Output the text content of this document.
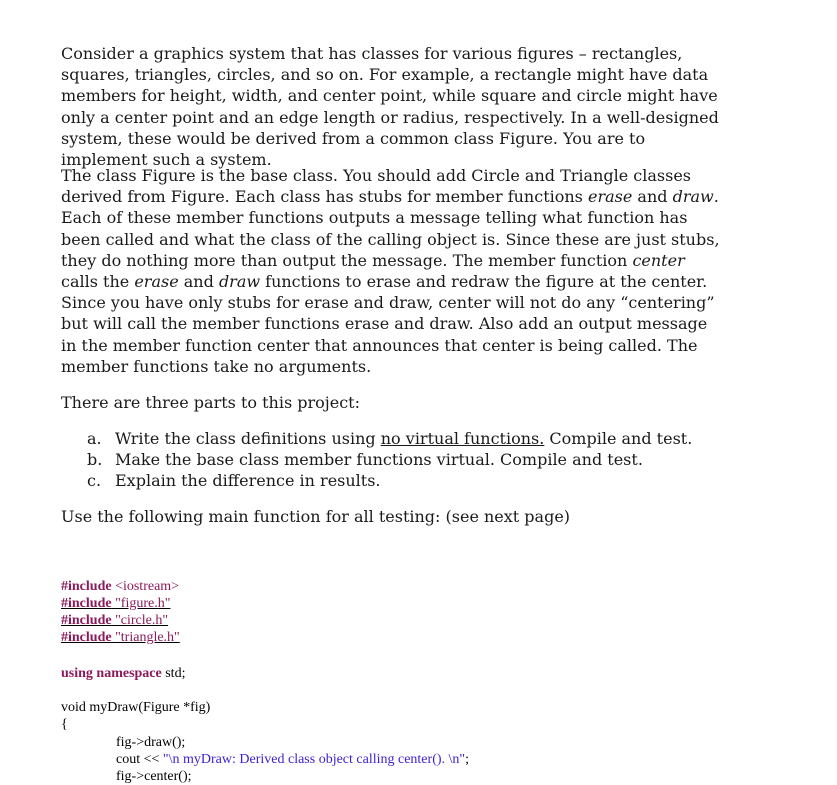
Consider a graphics system that has classes for various figures – rectangles, squares, triangles, circles, and so on. For example, a rectangle might have data members for height, width, and center point, while square and circle might have only a center point and an edge length or radius, respectively. In a well-designed system, these would be derived from a common class Figure. You are to implement such a system.

The class Figure is the base class. You should add Circle and Triangle classes derived from Figure. Each class has stubs for member functions erase and draw. Each of these member functions outputs a message telling what function has been called and what the class of the calling object is. Since these are just stubs, they do nothing more than output the message. The member function center calls the erase and draw functions to erase and redraw the figure at the center. Since you have only stubs for erase and draw, center will not do any “centering” but will call the member functions erase and draw. Also add an output message in the member function center that announces that center is being called. The member functions take no arguments.

There are three parts to this project:

a. Write the class definitions using no virtual functions. Compile and test.
b. Make the base class member functions virtual. Compile and test.
c. Explain the difference in results.

Use the following main function for all testing: (see next page)

#include <iostream>
#include "figure.h"
#include "circle.h"
#include "triangle.h"
using namespace std;
void myDraw(Figure *fig)
{
fig->draw();
cout << "\n myDraw: Derived class object calling center(). \n";
fig->center();
